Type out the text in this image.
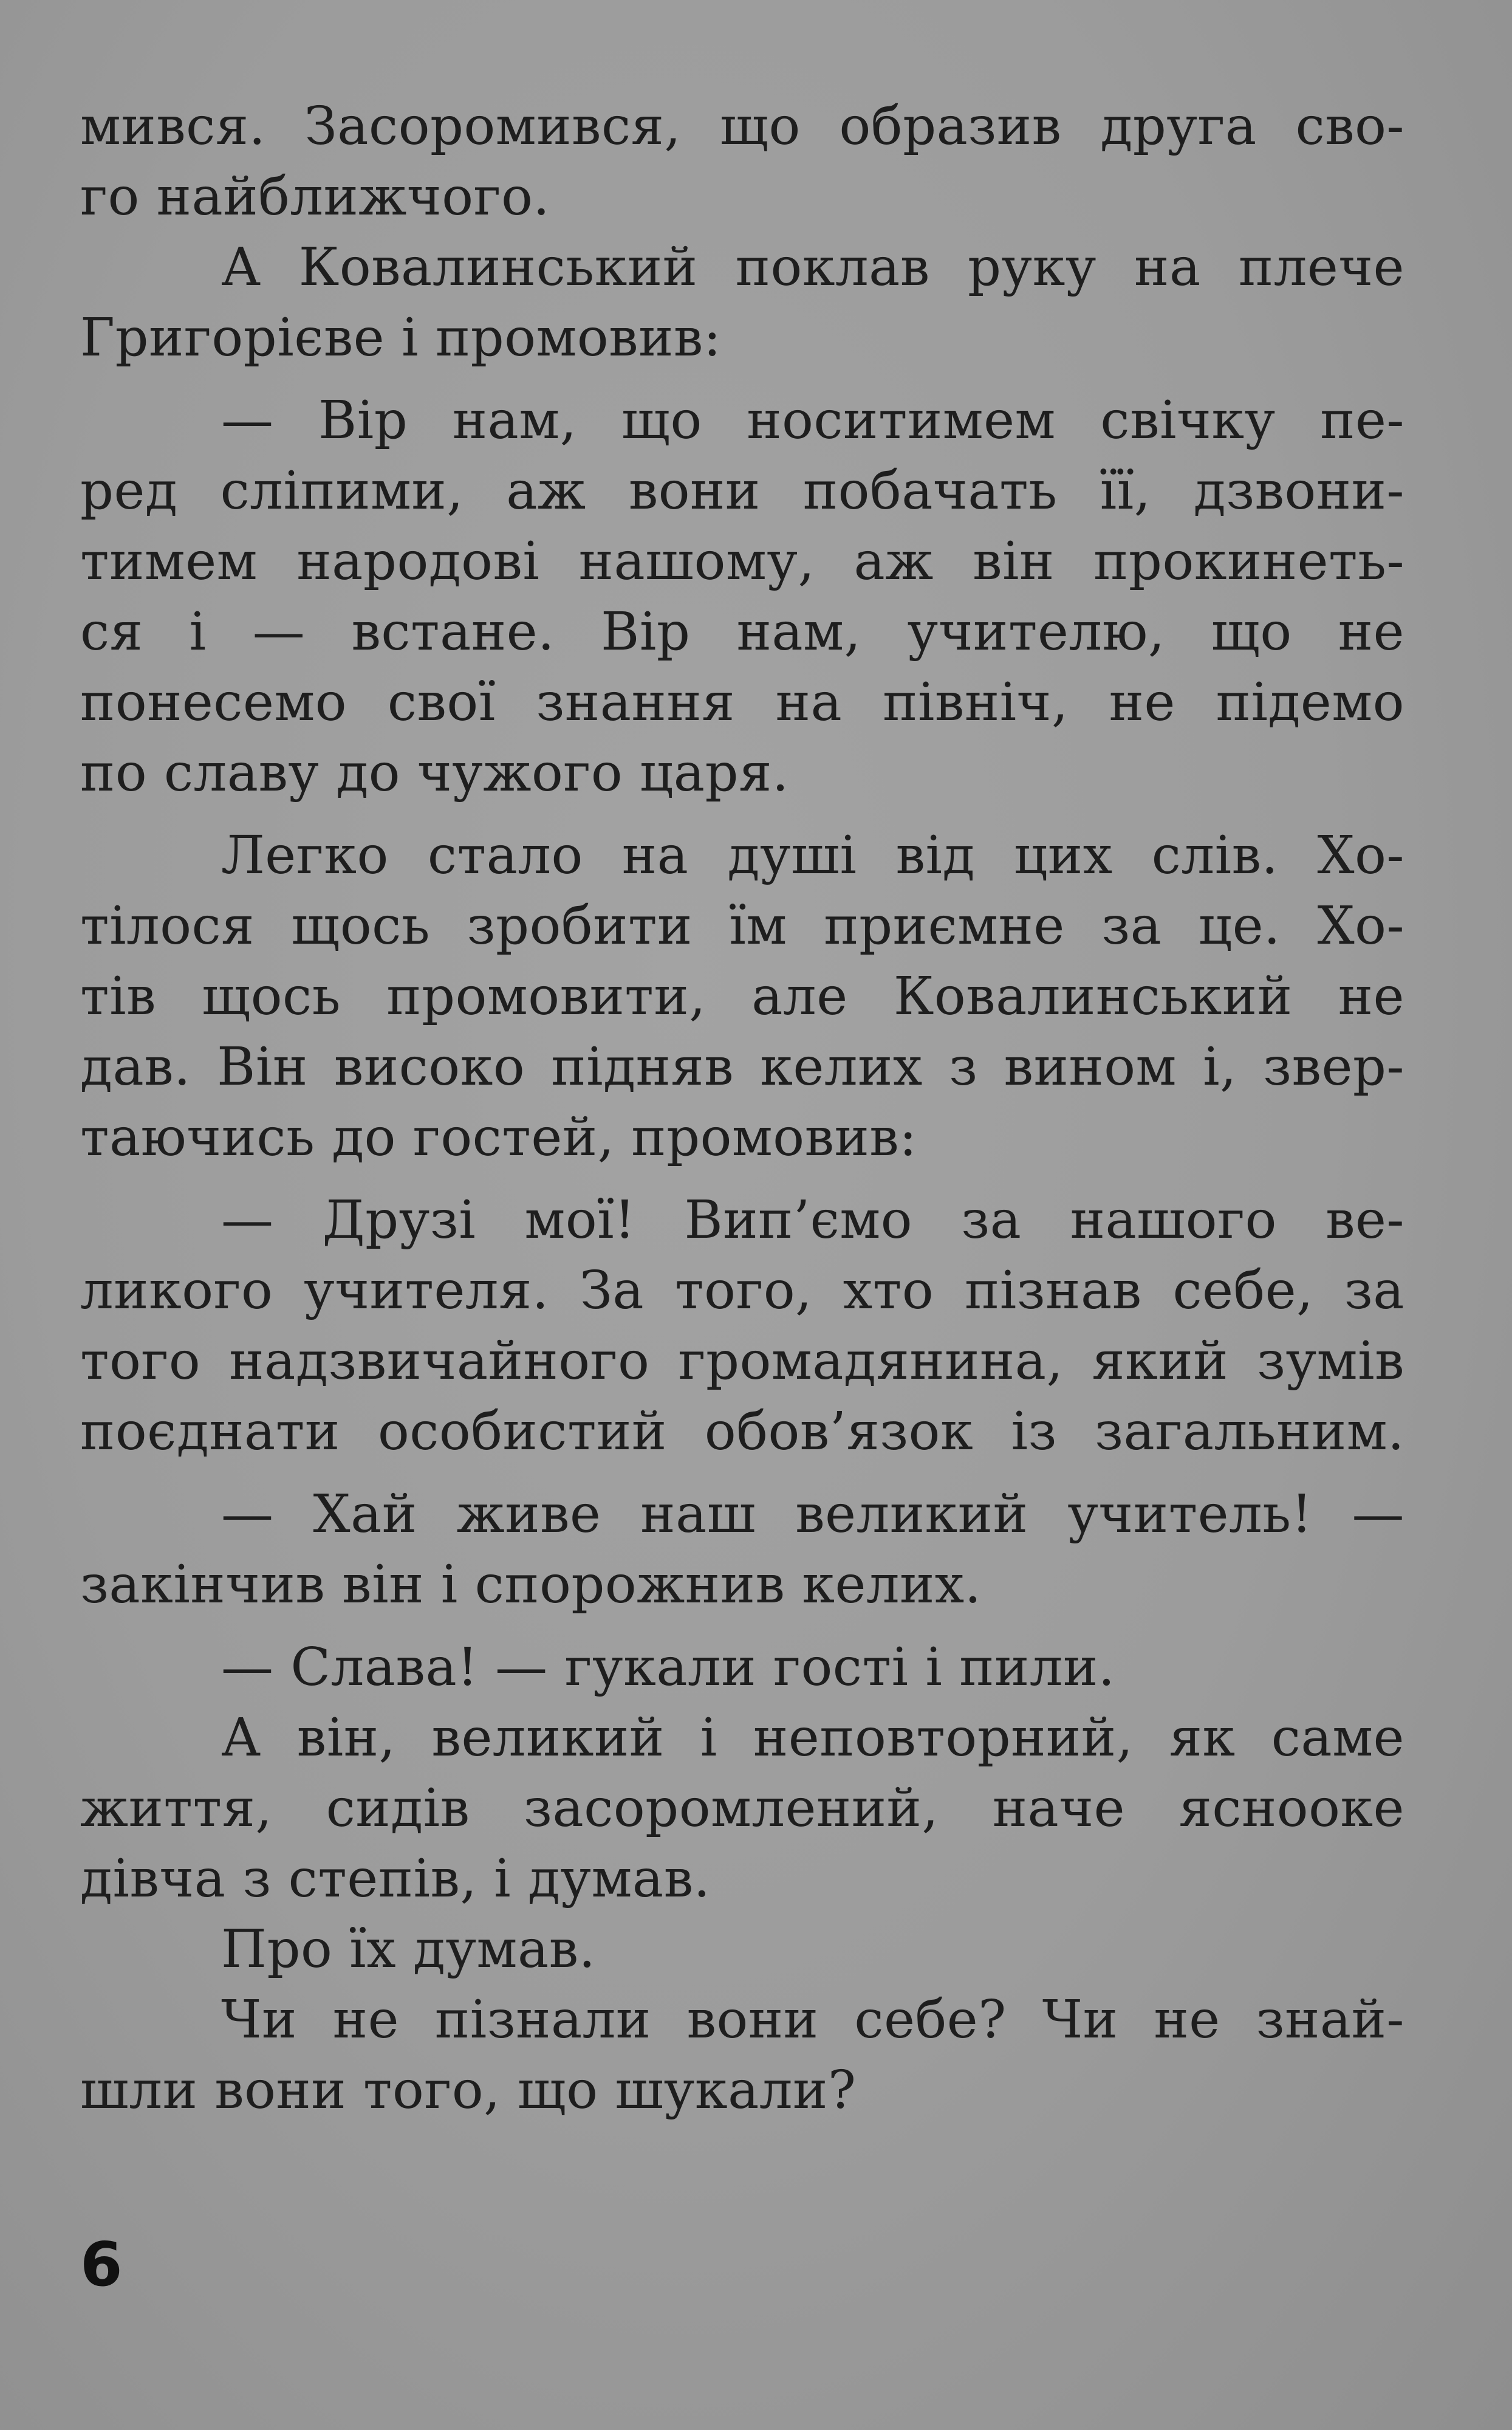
мився. Засоромився, що образив друга сво-
го найближчого.
А Ковалинський поклав руку на плече
Григорієве і промовив:
— Вір нам, що носитимем свічку пе-
ред сліпими, аж вони побачать її, дзвони-
тимем народові нашому, аж він прокинеть-
ся і — встане. Вір нам, учителю, що не
понесемо свої знання на північ, не підемо
по славу до чужого царя.
Легко стало на душі від цих слів. Хо-
тілося щось зробити їм приємне за це. Хо-
тів щось промовити, але Ковалинський не
дав. Він високо підняв келих з вином і, звер-
таючись до гостей, промовив:
— Друзі мої! Вип’ємо за нашого ве-
ликого учителя. За того, хто пізнав себе, за
того надзвичайного громадянина, який зумів
поєднати особистий обов’язок із загальним.
— Хай живе наш великий учитель! —
закінчив він і спорожнив келих.
— Слава! — гукали гості і пили.
А він, великий і неповторний, як саме
життя, сидів засоромлений, наче ясноокe
дівча з степів, і думав.
Про їх думав.
Чи не пізнали вони себе? Чи не знай-
шли вони того, що шукали?
6
